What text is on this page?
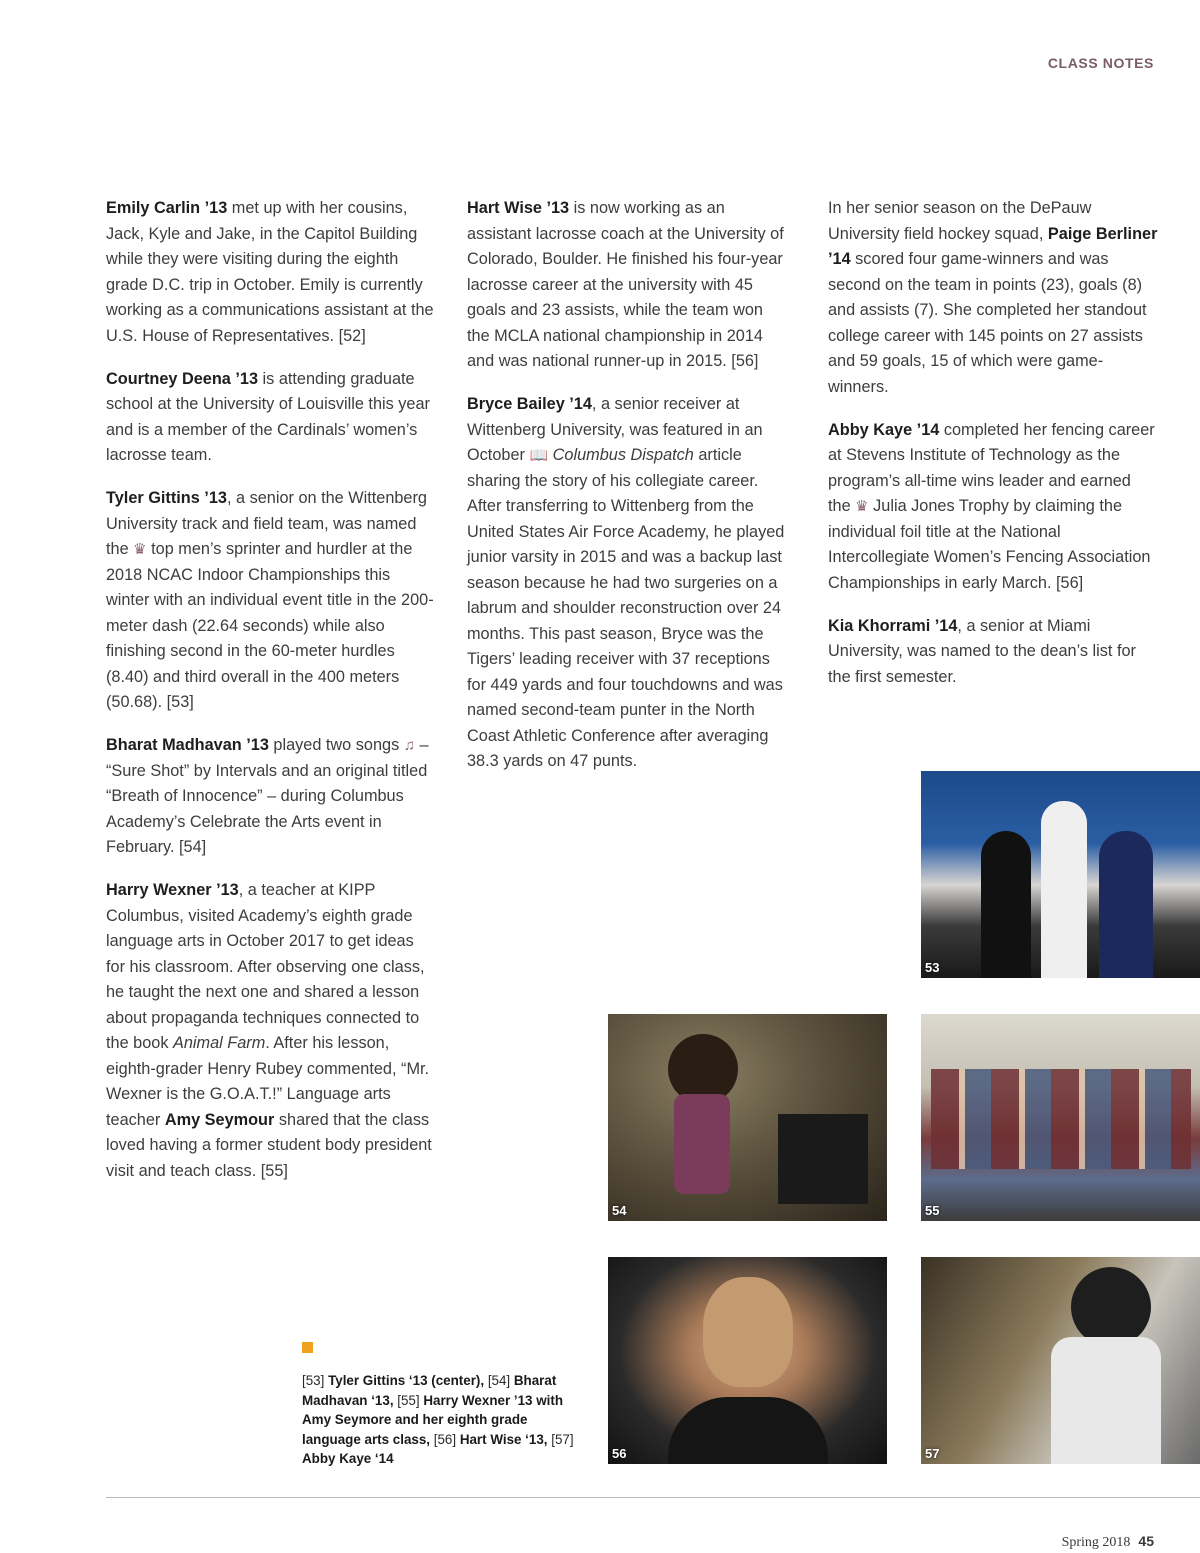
CLASS NOTES

Emily Carlin ’13 met up with her cousins, Jack, Kyle and Jake, in the Capitol Building while they were visiting during the eighth grade D.C. trip in October. Emily is currently working as a communications assistant at the U.S. House of Representatives. [52]

Courtney Deena ’13 is attending graduate school at the University of Louisville this year and is a member of the Cardinals’ women’s lacrosse team.

Tyler Gittins ’13, a senior on the Wittenberg University track and field team, was named the ♛ top men’s sprinter and hurdler at the 2018 NCAC Indoor Championships this winter with an individual event title in the 200-meter dash (22.64 seconds) while also finishing second in the 60-meter hurdles (8.40) and third overall in the 400 meters (50.68). [53]

Bharat Madhavan ’13 played two songs ♫ – “Sure Shot” by Intervals and an original titled “Breath of Innocence” – during Columbus Academy’s Celebrate the Arts event in February. [54]

Harry Wexner ’13, a teacher at KIPP Columbus, visited Academy’s eighth grade language arts in October 2017 to get ideas for his classroom. After observing one class, he taught the next one and shared a lesson about propaganda techniques connected to the book Animal Farm. After his lesson, eighth-grader Henry Rubey commented, “Mr. Wexner is the G.O.A.T.!” Language arts teacher Amy Seymour shared that the class loved having a former student body president visit and teach class. [55]

Hart Wise ’13 is now working as an assistant lacrosse coach at the University of Colorado, Boulder. He finished his four-year lacrosse career at the university with 45 goals and 23 assists, while the team won the MCLA national championship in 2014 and was national runner-up in 2015. [56]

Bryce Bailey ’14, a senior receiver at Wittenberg University, was featured in an October 📖 Columbus Dispatch article sharing the story of his collegiate career. After transferring to Wittenberg from the United States Air Force Academy, he played junior varsity in 2015 and was a backup last season because he had two surgeries on a labrum and shoulder reconstruction over 24 months. This past season, Bryce was the Tigers’ leading receiver with 37 receptions for 449 yards and four touchdowns and was named second-team punter in the North Coast Athletic Conference after averaging 38.3 yards on 47 punts.

In her senior season on the DePauw University field hockey squad, Paige Berliner ’14 scored four game-winners and was second on the team in points (23), goals (8) and assists (7). She completed her standout college career with 145 points on 27 assists and 59 goals, 15 of which were game-winners.

Abby Kaye ’14 completed her fencing career at Stevens Institute of Technology as the program’s all-time wins leader and earned the ♛ Julia Jones Trophy by claiming the individual foil title at the National Intercollegiate Women’s Fencing Association Championships in early March. [56]

Kia Khorrami ’14, a senior at Miami University, was named to the dean’s list for the first semester.

53
54	55
56	57
[53] Tyler Gittins ‘13 (center), [54] Bharat Madhavan ‘13, [55] Harry Wexner ’13 with Amy Seymore and her eighth grade language arts class, [56] Hart Wise ‘13, [57] Abby Kaye ‘14
Spring 2018 45
